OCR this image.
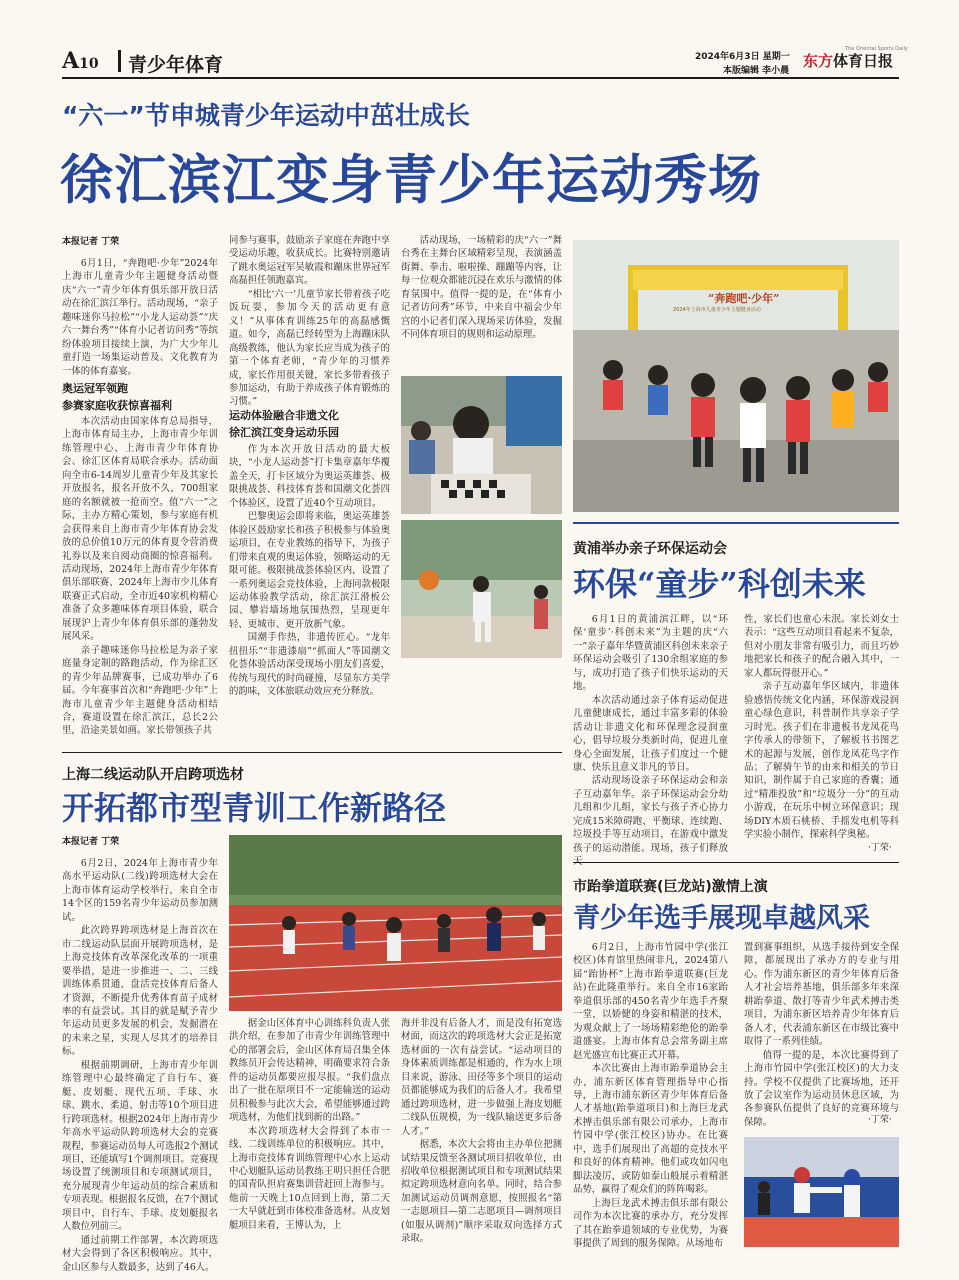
A10 青少年体育	2024年6月3日 星期一
本版编辑 李小晨
东方体育日报
The Oriental Sports Daily
“六一”节申城青少年运动中茁壮成长
徐汇滨江变身青少年运动秀场
本报记者 丁荣

6月1日，“奔跑吧·少年”2024年上海市儿童青少年主题健身活动暨庆“六一”青少年体育俱乐部开放日活动在徐汇滨江举行。活动现场，“亲子趣味迷你马拉松”“小龙人运动荟”“庆六一舞台秀”“体育小记者访问秀”等缤纷体验项目接续上演，为广大少年儿童打造一场集运动普及、文化教育为一体的体育嘉宴。

奥运冠军领跑
参赛家庭收获惊喜福利

本次活动由国家体育总局指导，上海市体育局主办，上海市青少年训练管理中心、上海市青少年体育协会、徐汇区体育局联合承办。活动面向全市6-14周岁儿童青少年及其家长开放报名，报名开放不久，700组家庭的名额就被一抢而空。值“六一”之际，主办方精心策划，参与家庭有机会获得来自上海市青少年体育协会发放的总价值10万元的体育夏令营消费礼券以及来自阅动商圈的惊喜福利。活动现场，2024年上海市青少年体育俱乐部联赛、2024年上海市少儿体育联赛正式启动，全市近40家机构精心准备了众多趣味体育项目体验，联合展现沪上青少年体育俱乐部的蓬勃发展风采。

亲子趣味迷你马拉松是为亲子家庭量身定制的路跑活动，作为徐汇区的青少年品牌赛事，已成功举办了6届。今年赛事首次和“奔跑吧·少年”上海市儿童青少年主题健身活动相结合，赛道设置在徐汇滨江，总长2公里，沿途美景如画。家长带领孩子共

同参与赛事，鼓励亲子家庭在奔跑中享受运动乐趣，收获成长。比赛特别邀请了跳水奥运冠军吴敏霞和蹦床世界冠军高磊担任领跑嘉宾。

“相比‘六一’儿童节家长带着孩子吃饭玩耍，参加今天的活动更有意义！”从事体育训练25年的高磊感慨道。如今，高磊已经转型为上海蹦床队高级教练，他认为家长应当成为孩子的第一个体育老师，“青少年的习惯养成，家长作用很关键，家长多带着孩子参加运动，有助于养成孩子体育锻炼的习惯。”

运动体验融合非遗文化
徐汇滨江变身运动乐园

作为本次开放日活动的最大板块，“小龙人运动荟”打卡集章嘉年华覆盖全天，打卡区域分为奥运英雄荟、极限挑战荟、科技体育荟和国潮文化荟四个体验区，设置了近40个互动项目。

巴黎奥运会即将来临，奥运英雄荟体验区鼓励家长和孩子积极参与体验奥运项目，在专业教练的指导下，为孩子们带来直观的奥运体验，领略运动的无限可能。极限挑战荟体验区内，设置了一系列奥运会竞技体验，上海同款极限运动体验教学活动，徐汇滨江滑板公园、攀岩墙场地氛围热烈，呈现更年轻、更城市、更开放新气象。

国潮手作热，非遗传匠心。“龙年扭扭乐”“非遗漆扇”“抓面人”等国潮文化荟体验活动深受现场小朋友们喜爱，传统与现代的时尚碰撞，尽显东方美学的韵味，文体旅联动效应充分释放。

活动现场，一场精彩的庆“六一”舞台秀在主舞台区域精彩呈现，表演涵盖街舞、拳击、啦啦操、蹦蹦等内容，让每一位观众都能沉浸在欢乐与激情的体育氛围中。值得一提的是，在“体育小记者访问秀”环节，中来自中福会少年宫的小记者们深入现场采访体验，发掘不同体育项目的规则和运动原理。

“奔跑吧·少年”
2024年上海市儿童青少年主题健身活动
黄浦举办亲子环保运动会
环保“童步”科创未来

6月1日的黄浦滨江畔，以“环保‘童步’·科创未来”为主题的庆“六一”亲子嘉年华暨黄浦区科创未来亲子环保运动会吸引了130余组家庭的参与，成功打造了孩子们快乐运动的天地。

本次活动通过亲子体育运动促进儿童健康成长，通过丰富多彩的体验活动让非遗文化和环保理念浸润童心，倡导垃圾分类新时尚，促进儿童身心全面发展，让孩子们度过一个健康、快乐且意义非凡的节日。

活动现场设亲子环保运动会和亲子互动嘉年华。亲子环保运动会分幼儿组和少儿组，家长与孩子齐心协力完成15米障碍跑、平衡球、连续跑、垃圾投手等互动项目，在游戏中激发孩子的运动潜能。现场，孩子们释放天

性，家长们也童心未泯。家长刘女士表示：“这些互动项目看起来不复杂，但对小朋友非常有吸引力，而且巧妙地把家长和孩子的配合融入其中，一家人都玩得很开心。”

亲子互动嘉年华区域内，非遗体验感悟传统文化内涵，环保游戏浸润童心绿色意识，科普制作共享亲子学习时光。孩子们在非遗板书龙凤花鸟字传承人的带领下，了解板书书图艺术的起源与发展，创作龙凤花鸟字作品；了解骑午节的由来和相关的节日知识，制作属于自己家庭的香囊；通过“精准投放”和“垃圾分一分”的互动小游戏，在玩乐中树立环保意识；现场DIY木质石桃桥、手摇发电机等科学实验小制作，探索科学奥秘。

·丁荣·
上海二线运动队开启跨项选材
开拓都市型青训工作新路径
本报记者 丁荣

6月2日，2024年上海市青少年高水平运动队(二线)跨项选材大会在上海市体育运动学校举行，来自全市14个区的159名青少年运动员参加测试。

此次跨界跨项选材是上海首次在市二线运动队层面开展跨项选材，是上海竞技体育改革深化改革的一项重要举措，是进一步推进一、二、三线训练体系贯通，盘活竞技体育后备人才资源，不断提升优秀体育苗子成材率的有益尝试。其目的就是赋予青少年运动员更多发展的机会，发掘潜在的未来之星，实现人尽其才的培养目标。

根据前期调研，上海市青少年训练管理中心最终确定了自行车、赛艇、皮划艇、现代五项、手球、水球、跳水、柔道、射击等10个项目进行跨项选材。根据2024年上海市青少年高水平运动队跨项选材大会的竞赛规程，参赛运动员每人可选报2个测试项目，还能填写1个调剂项目。竞赛现场设置了统测项目和专项测试项目，充分展现青少年运动员的综合素质和专项表现。根据报名反馈，在7个测试项目中，自行车、手球、皮划艇报名人数位列前三。

通过前期工作部署，本次跨项选材大会得到了各区积极响应。其中，金山区参与人数最多，达到了46人。

据金山区体育中心训练科负责人张洪介绍，在参加了市青少年训练管理中心的部署会后，金山区体育局召集全体教练员开会传达精神，明确要求符合条件的运动员都要应报尽报。“我们盘点出了一批在原项目不一定能输送的运动员积极参与此次大会，希望能够通过跨项选材，为他们找到新的出路。”

本次跨项选材大会得到了本市一线、二线训练单位的积极响应。其中，上海市竞技体育训练管理中心水上运动中心划艇队运动员教练王明只担任合肥的国青队担肩赛集训营赶回上海参与。他前一天晚上10点回到上海，第二天一大早就赶到市体校准备选材。从皮划艇项目来看，王博认为，上

海并非没有后备人才，而是没有拓宽选材面，而这次的跨项选材大会正是拓宽选材面的一次有益尝试。“运动项目的身体素质训练都是相通的，作为水上项目来说，游泳、田径等多个项目的运动员都能够成为我们的后备人才。我希望通过跨项选材，进一步做强上海皮划艇二线队伍规模，为一线队输送更多后备人才。”

据悉，本次大会将由主办单位把测试结果反馈至各测试项目招收单位，由招收单位根据测试项目和专项测试结果拟定跨项选材意向名单。同时，结合参加测试运动员调剂意愿，按照报名“第一志愿项目—第二志愿项目—调剂项目(如服从调剂)”顺序采取双向选择方式录取。

市跆拳道联赛(巨龙站)激情上演
青少年选手展现卓越风采

6月2日，上海市竹园中学(张江校区)体育馆里热闹非凡，2024第八届“跆协杯”上海市跆拳道联赛(巨龙站)在此隆重举行。来自全市16家跆拳道俱乐部的450名青少年选手齐聚一堂，以娇健的身姿和精湛的技术，为观众献上了一场场精彩绝伦的跆拳道盛宴。上海市体育总会常务副主席赵光盛宣布比赛正式开幕。

本次比赛由上海市跆拳道协会主办，浦东新区体育管理指导中心指导，上海市浦东新区青少年体育后备人才基地(跆拳道项目)和上海巨龙武术搏击俱乐部有限公司承办，上海市竹园中学(张江校区)协办。在比赛中，选手们展现出了高超的竞技水平和良好的体育精神。他们或攻如闪电脚法凌厉，或防如泰山般展示着精湛品势，赢得了观众们的阵阵喝彩。

上海巨龙武术搏击俱乐部有限公司作为本次比赛的承办方，充分发挥了其在跆拳道领域的专业优势，为赛事提供了周到的服务保障。从场地布

置到赛事组织，从选手接待到安全保障，都展现出了承办方的专业与用心。作为浦东新区的青少年体育后备人才社会培养基地，俱乐部多年来深耕跆拳道、散打等青少年武术搏击类项目，为浦东新区培养青少年体育后备人才，代表浦东新区在市级比赛中取得了一系列佳绩。

值得一提的是，本次比赛得到了上海市竹园中学(张江校区)的大力支持。学校不仅提供了比赛场地，还开放了会议室作为运动员休息区域，为各参赛队伍提供了良好的竞赛环境与保障。	·丁荣·
